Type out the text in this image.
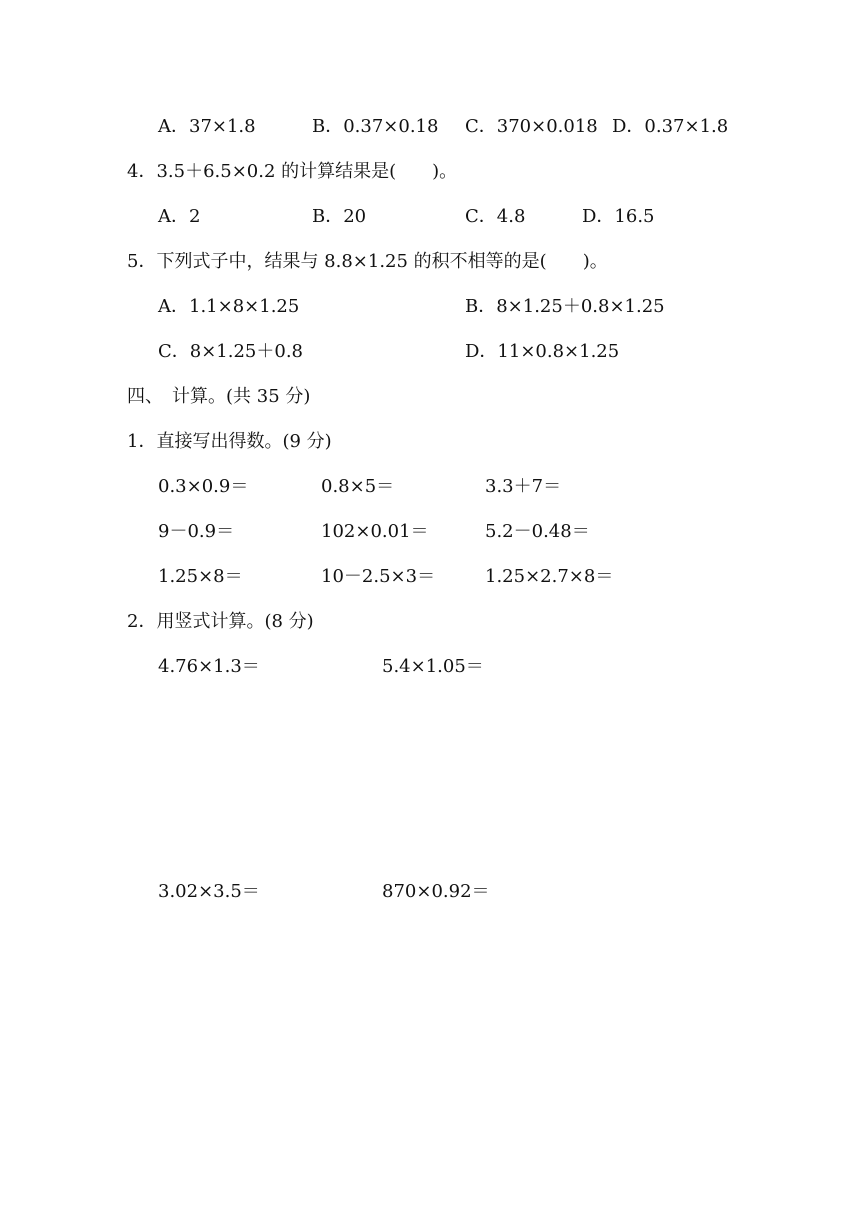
A．37×1.8	B．0.37×0.18 C．370×0.018 D．0.37×1.8
4．3.5＋6.5×0.2 的计算结果是(　　)。
A．2	B．20	C．4.8	D．16.5
5．下列式子中，结果与 8.8×1.25 的积不相等的是(　　)。
A．1.1×8×1.25	B．8×1.25＋0.8×1.25
C．8×1.25＋0.8	D．11×0.8×1.25
四、　计算。(共 35 分)
1．直接写出得数。(9 分)
0.3×0.9＝	0.8×5＝	3.3＋7＝
9－0.9＝	102×0.01＝	5.2－0.48＝
1.25×8＝	10－2.5×3＝	1.25×2.7×8＝
2．用竖式计算。(8 分)
4.76×1.3＝	5.4×1.05＝
3.02×3.5＝	870×0.92＝
